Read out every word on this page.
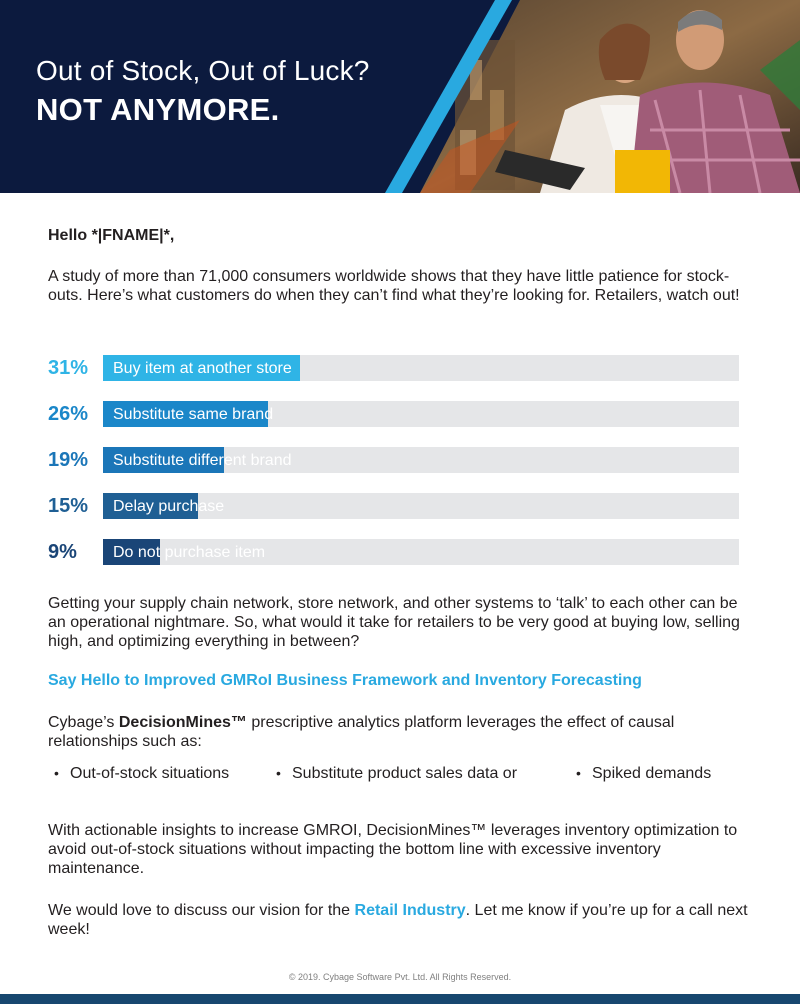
Out of Stock, Out of Luck?
NOT ANYMORE.
Hello *|FNAME|*,
A study of more than 71,000 consumers worldwide shows that they have little patience for stock-outs. Here’s what customers do when they can’t find what they’re looking for. Retailers, watch out!
31% Buy item at another store
26% Substitute same brand
19% Substitute different brand
15% Delay purchase
9% Do not purchase item
Getting your supply chain network, store network, and other systems to ‘talk’ to each other can be an operational nightmare. So, what would it take for retailers to be very good at buying low, selling high, and optimizing everything in between?
Say Hello to Improved GMRoI Business Framework and Inventory Forecasting
Cybage’s DecisionMines™ prescriptive analytics platform leverages the effect of causal relationships such as:
• Out-of-stock situations	• Substitute product sales data or	• Spiked demands
With actionable insights to increase GMROI, DecisionMines™ leverages inventory optimization to avoid out-of-stock situations without impacting the bottom line with excessive inventory maintenance.
We would love to discuss our vision for the Retail Industry. Let me know if you’re up for a call next week!
© 2019. Cybage Software Pvt. Ltd. All Rights Reserved.
